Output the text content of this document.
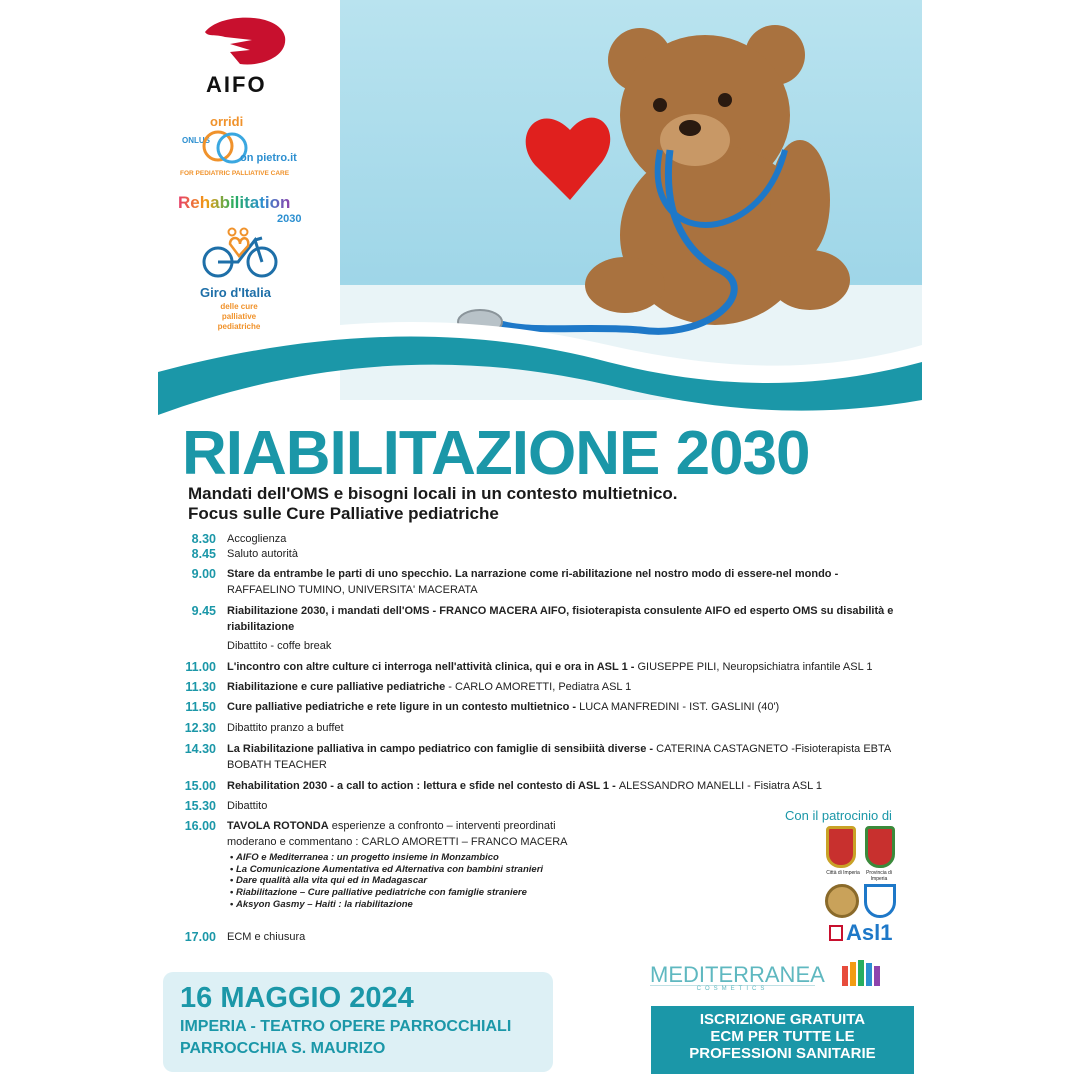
AIFO
orridi
ONLUS
on pietro.it
FOR PEDIATRIC PALLIATIVE CARE
Rehabilitation
2030
Giro d'Italia
delle cure palliative
pediatriche
RIABILITAZIONE 2030
Mandati dell'OMS e bisogni locali in un contesto multietnico.
Focus sulle Cure Palliative pediatriche
8.30 Accoglienza
8.45 Saluto autorità
9.00 Stare da entrambe le parti di uno specchio. La narrazione come ri-abilitazione nel nostro modo di essere-nel mondo -
RAFFAELINO TUMINO, UNIVERSITA' MACERATA
9.45 Riabilitazione 2030, i mandati dell'OMS - FRANCO MACERA AIFO, fisioterapista consulente AIFO ed esperto OMS su disabilità e riabilitazione
Dibattito - coffe break
11.00 L'incontro con altre culture ci interroga nell'attività clinica, qui e ora in ASL 1 - GIUSEPPE PILI, Neuropsichiatra infantile ASL 1
11.30 Riabilitazione e cure palliative pediatriche - CARLO AMORETTI, Pediatra ASL 1
11.50 Cure palliative pediatriche e rete ligure in un contesto multietnico - LUCA MANFREDINI - IST. GASLINI (40')
12.30 Dibattito pranzo a buffet
14.30 La Riabilitazione palliativa in campo pediatrico con famiglie di sensibiità diverse - CATERINA CASTAGNETO -Fisioterapista EBTA BOBATH TEACHER
15.00 Rehabilitation 2030 - a call to action : lettura e sfide nel contesto di ASL 1 - ALESSANDRO MANELLI - Fisiatra ASL 1
15.30 Dibattito
16.00 TAVOLA ROTONDA esperienze a confronto – interventi preordinati
moderano e commentano : CARLO AMORETTI – FRANCO MACERA
17.00 ECM e chiusura
• AIFO e Mediterranea : un progetto insieme in Monzambico
• La Comunicazione Aumentativa ed Alternativa con bambini stranieri
• Dare qualità alla vita qui ed in Madagascar
• Riabilitazione – Cure palliative pediatriche con famiglie straniere
• Aksyon Gasmy – Haiti : la riabilitazione
Con il patrocinio di
Città di Imperia	Provincia di Imperia
Asl1
MEDITERRANEA
COSMETICS
16 MAGGIO 2024
IMPERIA - TEATRO OPERE PARROCCHIALI
PARROCCHIA S. MAURIZO
ISCRIZIONE GRATUITA
ECM PER TUTTE LE
PROFESSIONI SANITARIE
